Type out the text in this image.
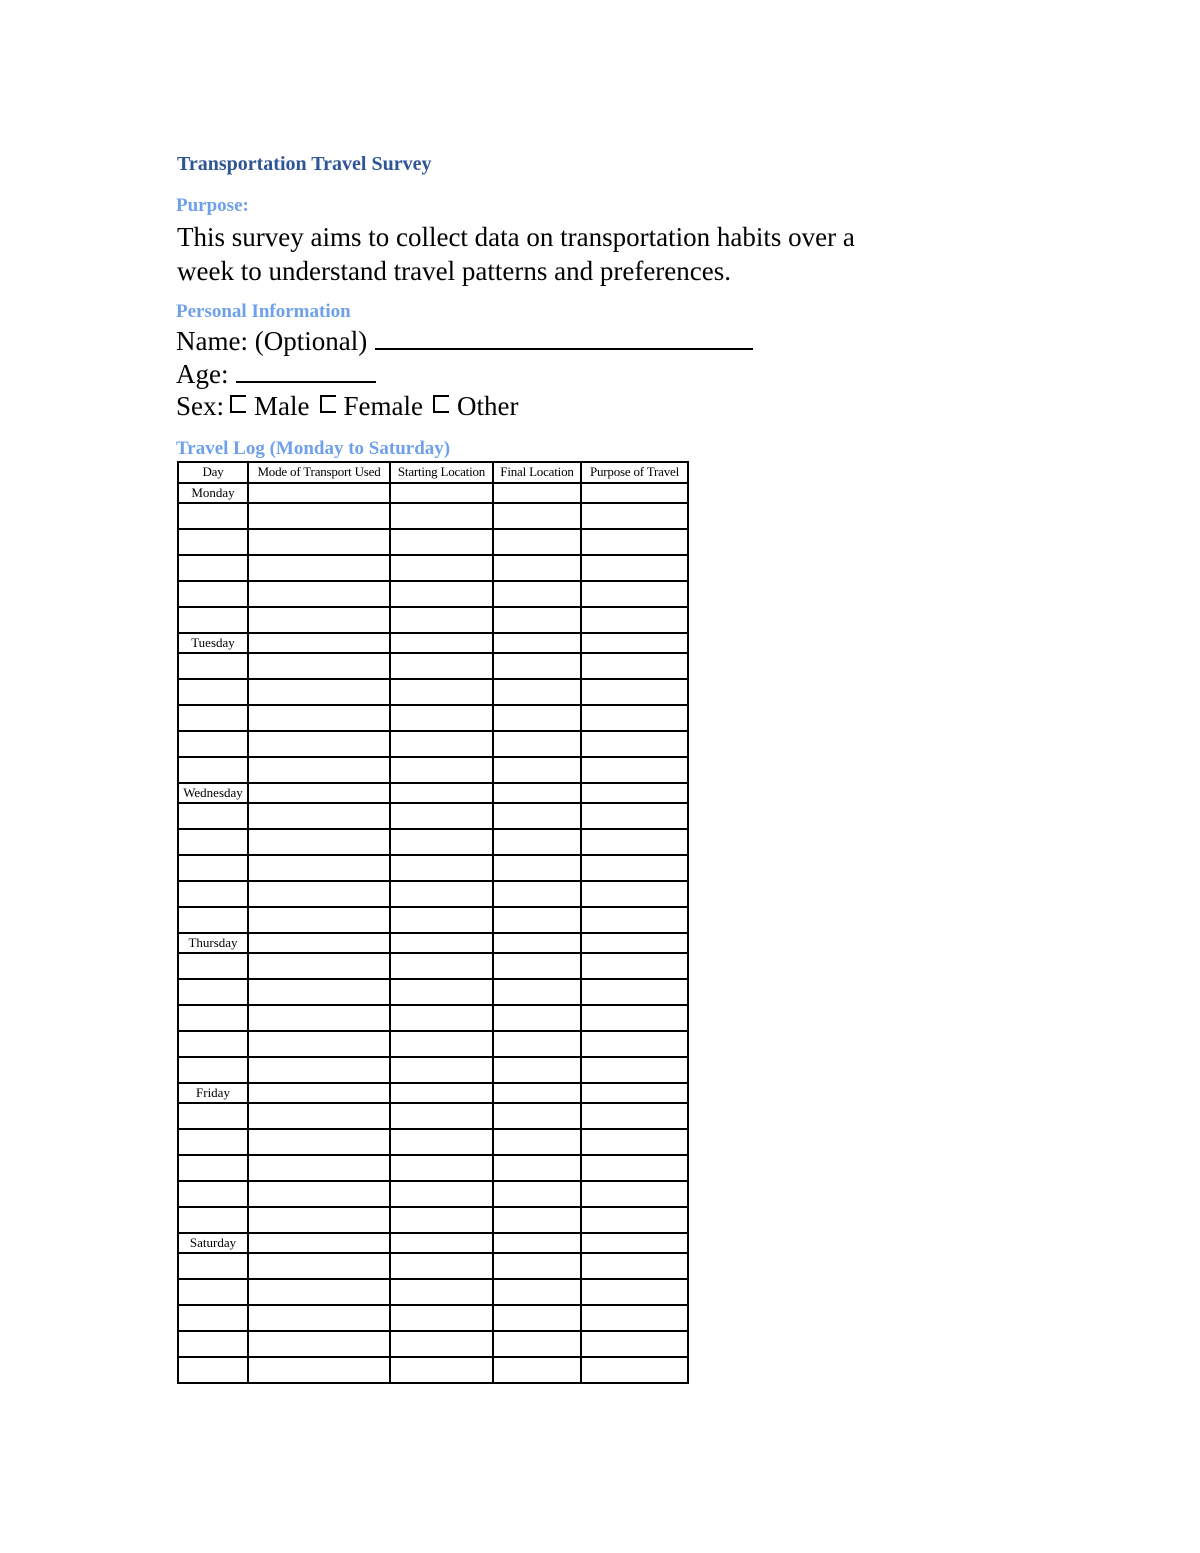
Transportation Travel Survey
Purpose:

This survey aims to collect data on transportation habits over a week to understand travel patterns and preferences.

Personal Information
Name: (Optional)
Age:
Sex: Male Female Other
Travel Log (Monday to Saturday)
Day	Mode of Transport Used	Starting Location	Final Location	Purpose of Travel
Monday				

Tuesday				

Wednesday				

Thursday				

Friday				

Saturday				
